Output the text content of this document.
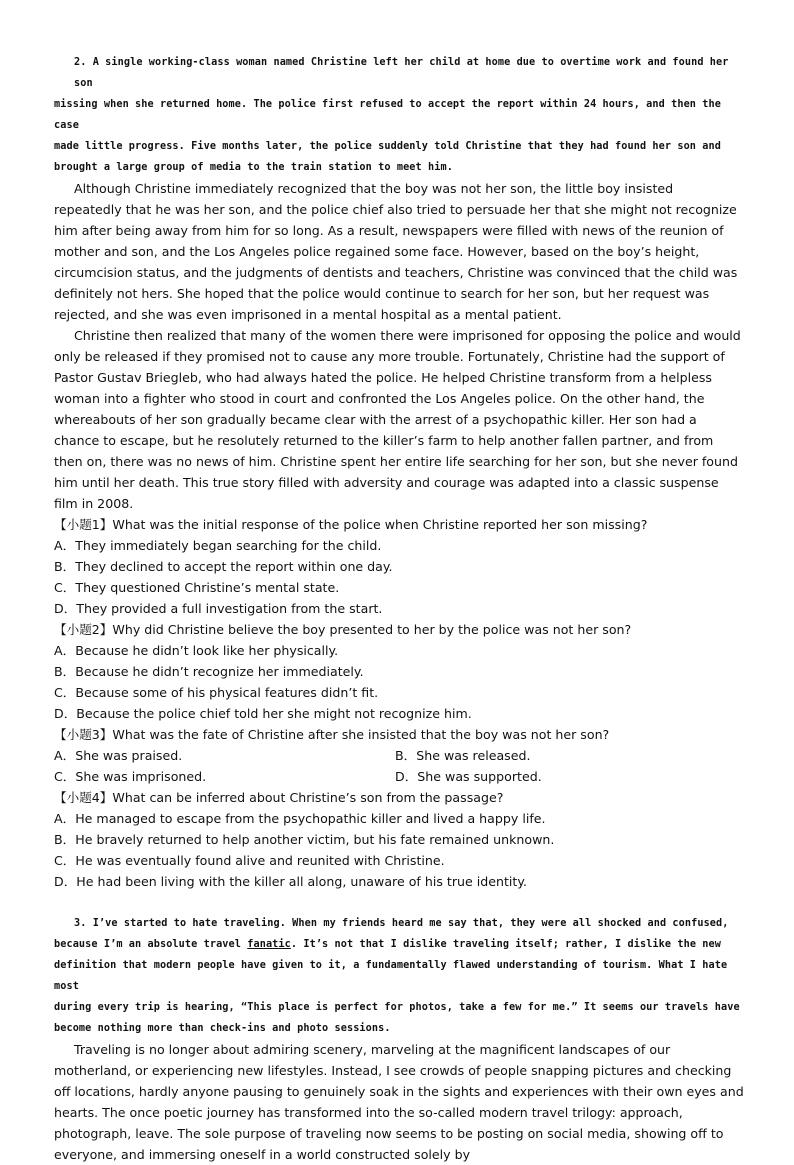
2. A single working-class woman named Christine left her child at home due to overtime work and found her son
missing when she returned home. The police first refused to accept the report within 24 hours, and then the case
made little progress. Five months later, the police suddenly told Christine that they had found her son and
brought a large group of media to the train station to meet him.

Although Christine immediately recognized that the boy was not her son, the little boy insisted repeatedly that he was her son, and the police chief also tried to persuade her that she might not recognize him after being away from him for so long. As a result, newspapers were filled with news of the reunion of mother and son, and the Los Angeles police regained some face. However, based on the boy’s height, circumcision status, and the judgments of dentists and teachers, Christine was convinced that the child was definitely not hers. She hoped that the police would continue to search for her son, but her request was rejected, and she was even imprisoned in a mental hospital as a mental patient.

Christine then realized that many of the women there were imprisoned for opposing the police and would only be released if they promised not to cause any more trouble. Fortunately, Christine had the support of Pastor Gustav Briegleb, who had always hated the police. He helped Christine transform from a helpless woman into a fighter who stood in court and confronted the Los Angeles police. On the other hand, the whereabouts of her son gradually became clear with the arrest of a psychopathic killer. Her son had a chance to escape, but he resolutely returned to the killer’s farm to help another fallen partner, and from then on, there was no news of him. Christine spent her entire life searching for her son, but she never found him until her death. This true story filled with adversity and courage was adapted into a classic suspense film in 2008.

【小题1】What was the initial response of the police when Christine reported her son missing?

A．They immediately began searching for the child.

B．They declined to accept the report within one day.

C．They questioned Christine’s mental state.

D．They provided a full investigation from the start.

【小题2】Why did Christine believe the boy presented to her by the police was not her son?

A．Because he didn’t look like her physically.

B．Because he didn’t recognize her immediately.

C．Because some of his physical features didn’t fit.

D．Because the police chief told her she might not recognize him.

【小题3】What was the fate of Christine after she insisted that the boy was not her son?

A．She was praised.	B．She was released.
C．She was imprisoned.	D．She was supported.

【小题4】What can be inferred about Christine’s son from the passage?

A．He managed to escape from the psychopathic killer and lived a happy life.

B．He bravely returned to help another victim, but his fate remained unknown.

C．He was eventually found alive and reunited with Christine.

D．He had been living with the killer all along, unaware of his true identity.

3. I’ve started to hate traveling. When my friends heard me say that, they were all shocked and confused,
because I’m an absolute travel fanatic. It’s not that I dislike traveling itself; rather, I dislike the new
definition that modern people have given to it, a fundamentally flawed understanding of tourism. What I hate most
during every trip is hearing, “This place is perfect for photos, take a few for me.” It seems our travels have
become nothing more than check-ins and photo sessions.

Traveling is no longer about admiring scenery, marveling at the magnificent landscapes of our motherland, or experiencing new lifestyles. Instead, I see crowds of people snapping pictures and checking off locations, hardly anyone pausing to genuinely soak in the sights and experiences with their own eyes and hearts. The once poetic journey has transformed into the so-called modern travel trilogy: approach, photograph, leave. The sole purpose of traveling now seems to be posting on social media, showing off to everyone, and immersing oneself in a world constructed solely by
